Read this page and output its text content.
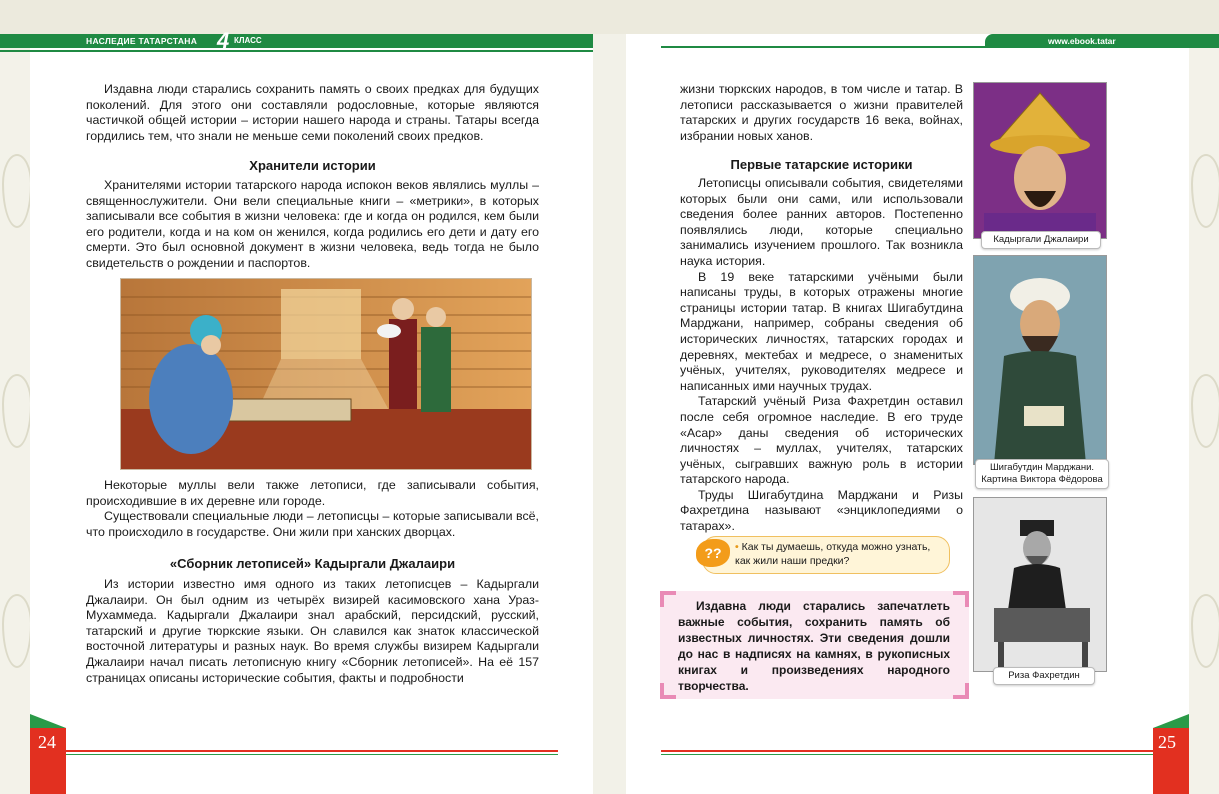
НАСЛЕДИЕ ТАТАРСТАНА 4 КЛАСС	www.ebook.tatar

Издавна люди старались сохранить память о своих предках для будущих поколений. Для этого они составляли родословные, которые являются частичкой общей истории – истории нашего народа и страны. Татары всегда гордились тем, что знали не меньше семи поколений своих предков.

Хранители истории

Хранителями истории татарского народа испокон веков являлись муллы – священнослужители. Они вели специальные книги – «метрики», в которых записывали все события в жизни человека: где и когда он родился, кем были его родители, когда и на ком он женился, когда родились его дети и дату его смерти. Это был основной документ в жизни человека, ведь тогда не было свидетельств о рождении и паспортов.

Некоторые муллы вели также летописи, где записывали события, происходившие в их деревне или городе.

Существовали специальные люди – летописцы – которые записывали всё, что происходило в государстве. Они жили при ханских дворцах.

«Сборник летописей» Кадыргали Джалаири

Из истории известно имя одного из таких летописцев – Кадыргали Джалаири. Он был одним из четырёх визирей касимовского хана Ураз-Мухаммеда. Кадыргали Джалаири знал арабский, персидский, русский, татарский и другие тюркские языки. Он славился как знаток классической восточной литературы и разных наук. Во время службы визирем Кадыргали Джалаири начал писать летописную книгу «Сборник летописей». На её 157 страницах описаны исторические события, факты и подробности

жизни тюркских народов, в том числе и татар. В летописи рассказывается о жизни правителей татарских и других государств 16 века, войнах, избрании новых ханов.

Первые татарские историки

Летописцы описывали события, свидетелями которых были они сами, или использовали сведения более ранних авторов. Постепенно появлялись люди, которые специально занимались изучением прошлого. Так возникла наука история.

В 19 веке татарскими учёными были написаны труды, в которых отражены многие страницы истории татар. В книгах Шигабутдина Марджани, например, собраны сведения об исторических личностях, татарских городах и деревнях, мектебах и медресе, о знаменитых учёных, учителях, руководителях медресе и написанных ими научных трудах.

Татарский учёный Риза Фахретдин оставил после себя огромное наследие. В его труде «Асар» даны сведения об исторических личностях – муллах, учителях, татарских учёных, сыгравших важную роль в истории татарского народа.

Труды Шигабутдина Марджани и Ризы Фахретдина называют «энциклопедиями о татарах».

Кадыргали Джалаири
Шигабутдин Марджани.
Картина Виктора Фёдорова
Риза Фахретдин
??	• Как ты думаешь, откуда можно узнать,
как жили наши предки?

Издавна люди старались запечатлеть важные события, сохранить память об известных личностях. Эти сведения дошли до нас в надписях на камнях, в рукописных книгах и произведениях народного творчества.

24	25
